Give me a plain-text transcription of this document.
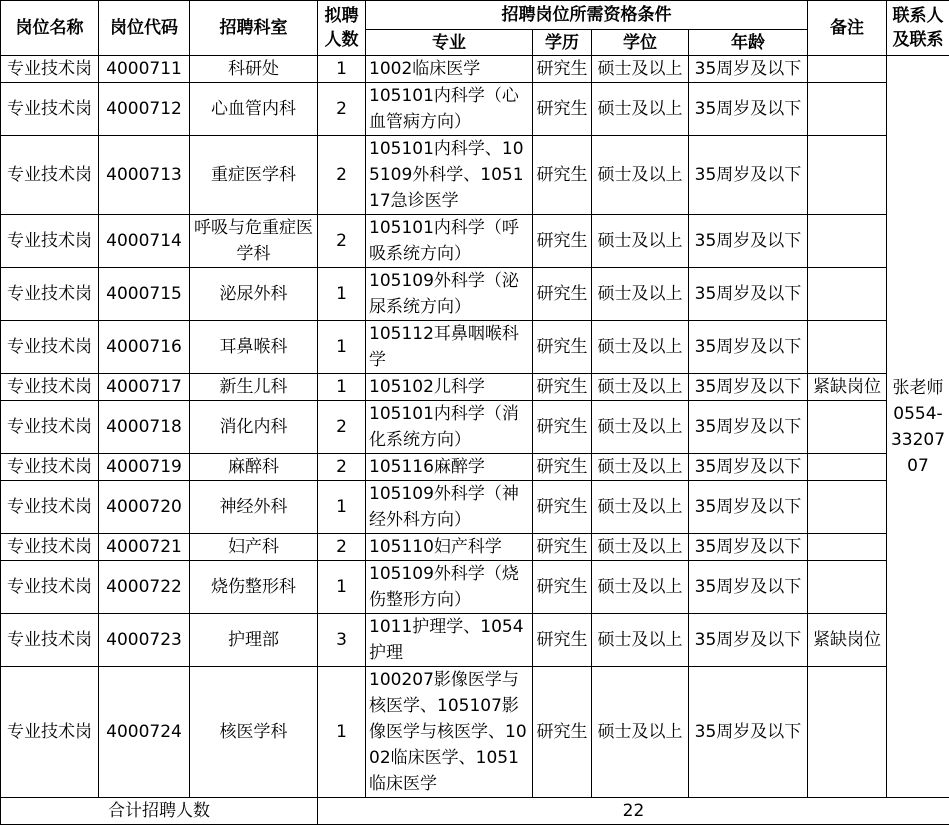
岗位名称	岗位代码	招聘科室	拟聘人数	招聘岗位所需资格条件				备注	联系人及联系
				专业	学历	学位	年龄		
专业技术岗	4000711	科研处	1	1002临床医学	研究生	硕士及以上	35周岁及以下		张老师0554-3320707
专业技术岗	4000712	心血管内科	2	105101内科学（心血管病方向）	研究生	硕士及以上	35周岁及以下		
专业技术岗	4000713	重症医学科	2	105101内科学、105109外科学、105117急诊医学	研究生	硕士及以上	35周岁及以下		
专业技术岗	4000714	呼吸与危重症医学科	2	105101内科学（呼吸系统方向）	研究生	硕士及以上	35周岁及以下		
专业技术岗	4000715	泌尿外科	1	105109外科学（泌尿系统方向）	研究生	硕士及以上	35周岁及以下		
专业技术岗	4000716	耳鼻喉科	1	105112耳鼻咽喉科学	研究生	硕士及以上	35周岁及以下		
专业技术岗	4000717	新生儿科	1	105102儿科学	研究生	硕士及以上	35周岁及以下	紧缺岗位	
专业技术岗	4000718	消化内科	2	105101内科学（消化系统方向）	研究生	硕士及以上	35周岁及以下		
专业技术岗	4000719	麻醉科	2	105116麻醉学	研究生	硕士及以上	35周岁及以下		
专业技术岗	4000720	神经外科	1	105109外科学（神经外科方向）	研究生	硕士及以上	35周岁及以下		
专业技术岗	4000721	妇产科	2	105110妇产科学	研究生	硕士及以上	35周岁及以下		
专业技术岗	4000722	烧伤整形科	1	105109外科学（烧伤整形方向）	研究生	硕士及以上	35周岁及以下		
专业技术岗	4000723	护理部	3	1011护理学、1054护理	研究生	硕士及以上	35周岁及以下	紧缺岗位	
专业技术岗	4000724	核医学科	1	100207影像医学与核医学、105107影像医学与核医学、1002临床医学、1051临床医学	研究生	硕士及以上	35周岁及以下		
合计招聘人数			22						
